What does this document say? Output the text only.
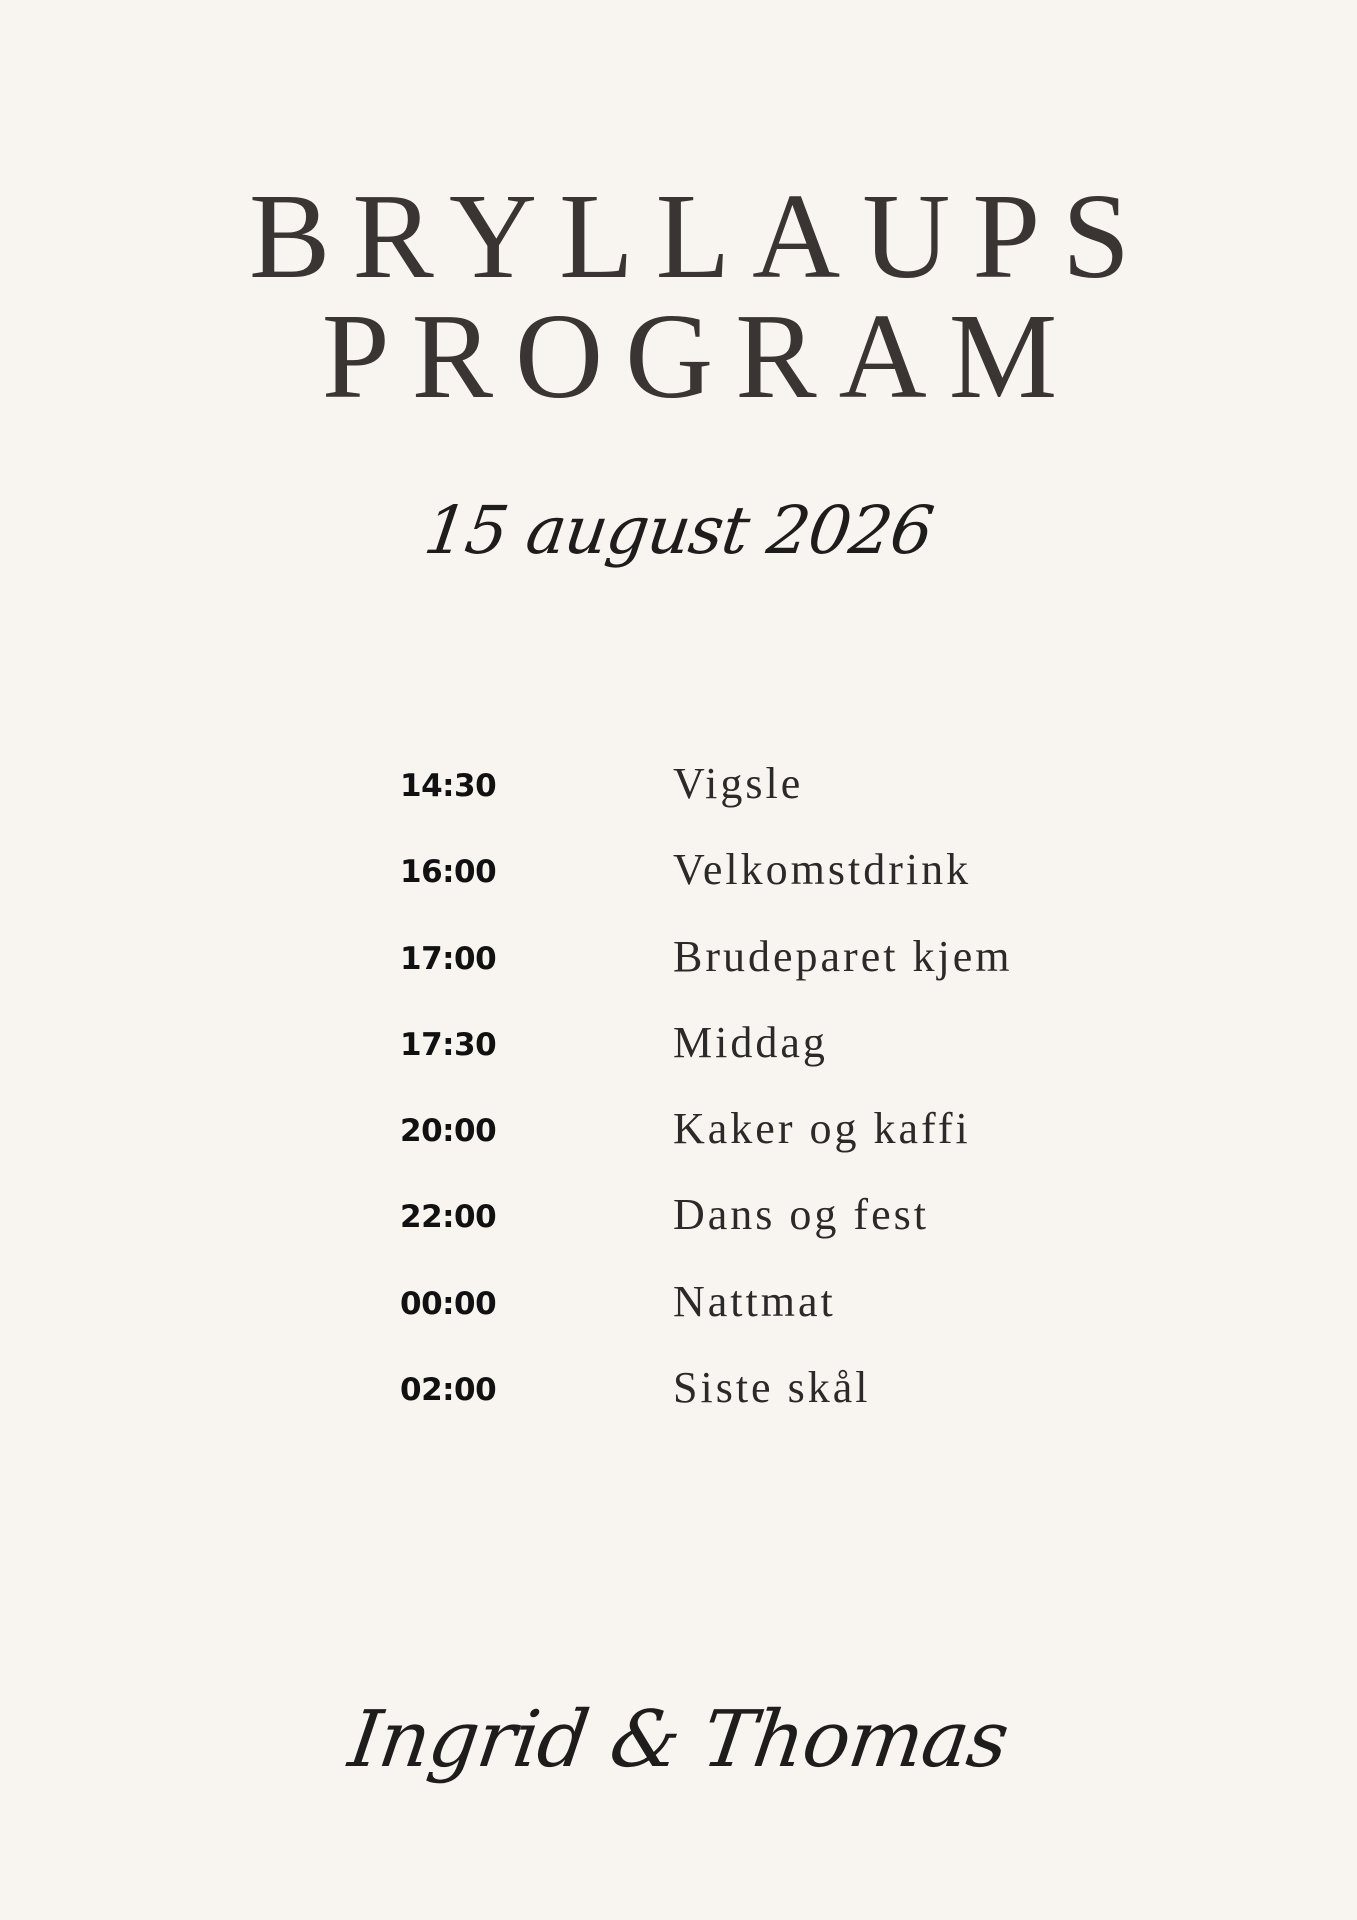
BRYLLAUPS
PROGRAM
15 august 2026
14:30	Vigsle
16:00	Velkomstdrink
17:00	Brudeparet kjem
17:30	Middag
20:00	Kaker og kaffi
22:00	Dans og fest
00:00	Nattmat
02:00	Siste skål
Ingrid & Thomas
